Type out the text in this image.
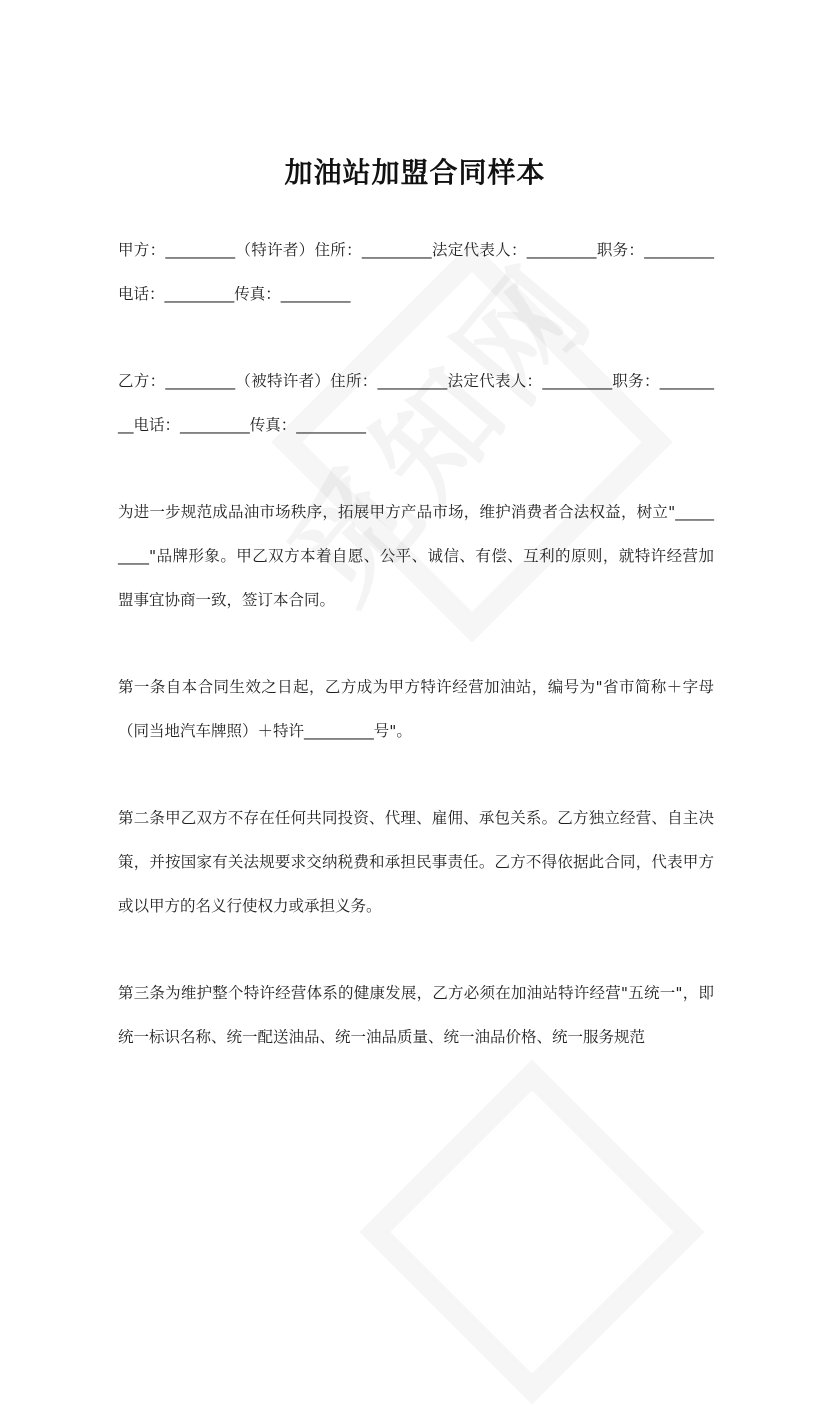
加油站加盟合同样本

甲方：_________（特许者）住所：_________法定代表人：_________职务：_________电话：_________传真：_________

乙方：_________（被特许者）住所：_________法定代表人：_________职务：_________电话：_________传真：_________

为进一步规范成品油市场秩序，拓展甲方产品市场，维护消费者合法权益，树立"_________"品牌形象。甲乙双方本着自愿、公平、诚信、有偿、互利的原则，就特许经营加盟事宜协商一致，签订本合同。

第一条自本合同生效之日起，乙方成为甲方特许经营加油站，编号为"省市简称＋字母（同当地汽车牌照）＋特许_________号"。

第二条甲乙双方不存在任何共同投资、代理、雇佣、承包关系。乙方独立经营、自主决策，并按国家有关法规要求交纳税费和承担民事责任。乙方不得依据此合同，代表甲方或以甲方的名义行使权力或承担义务。

第三条为维护整个特许经营体系的健康发展，乙方必须在加油站特许经营"五统一"，即统一标识名称、统一配送油品、统一油品质量、统一油品价格、统一服务规范
